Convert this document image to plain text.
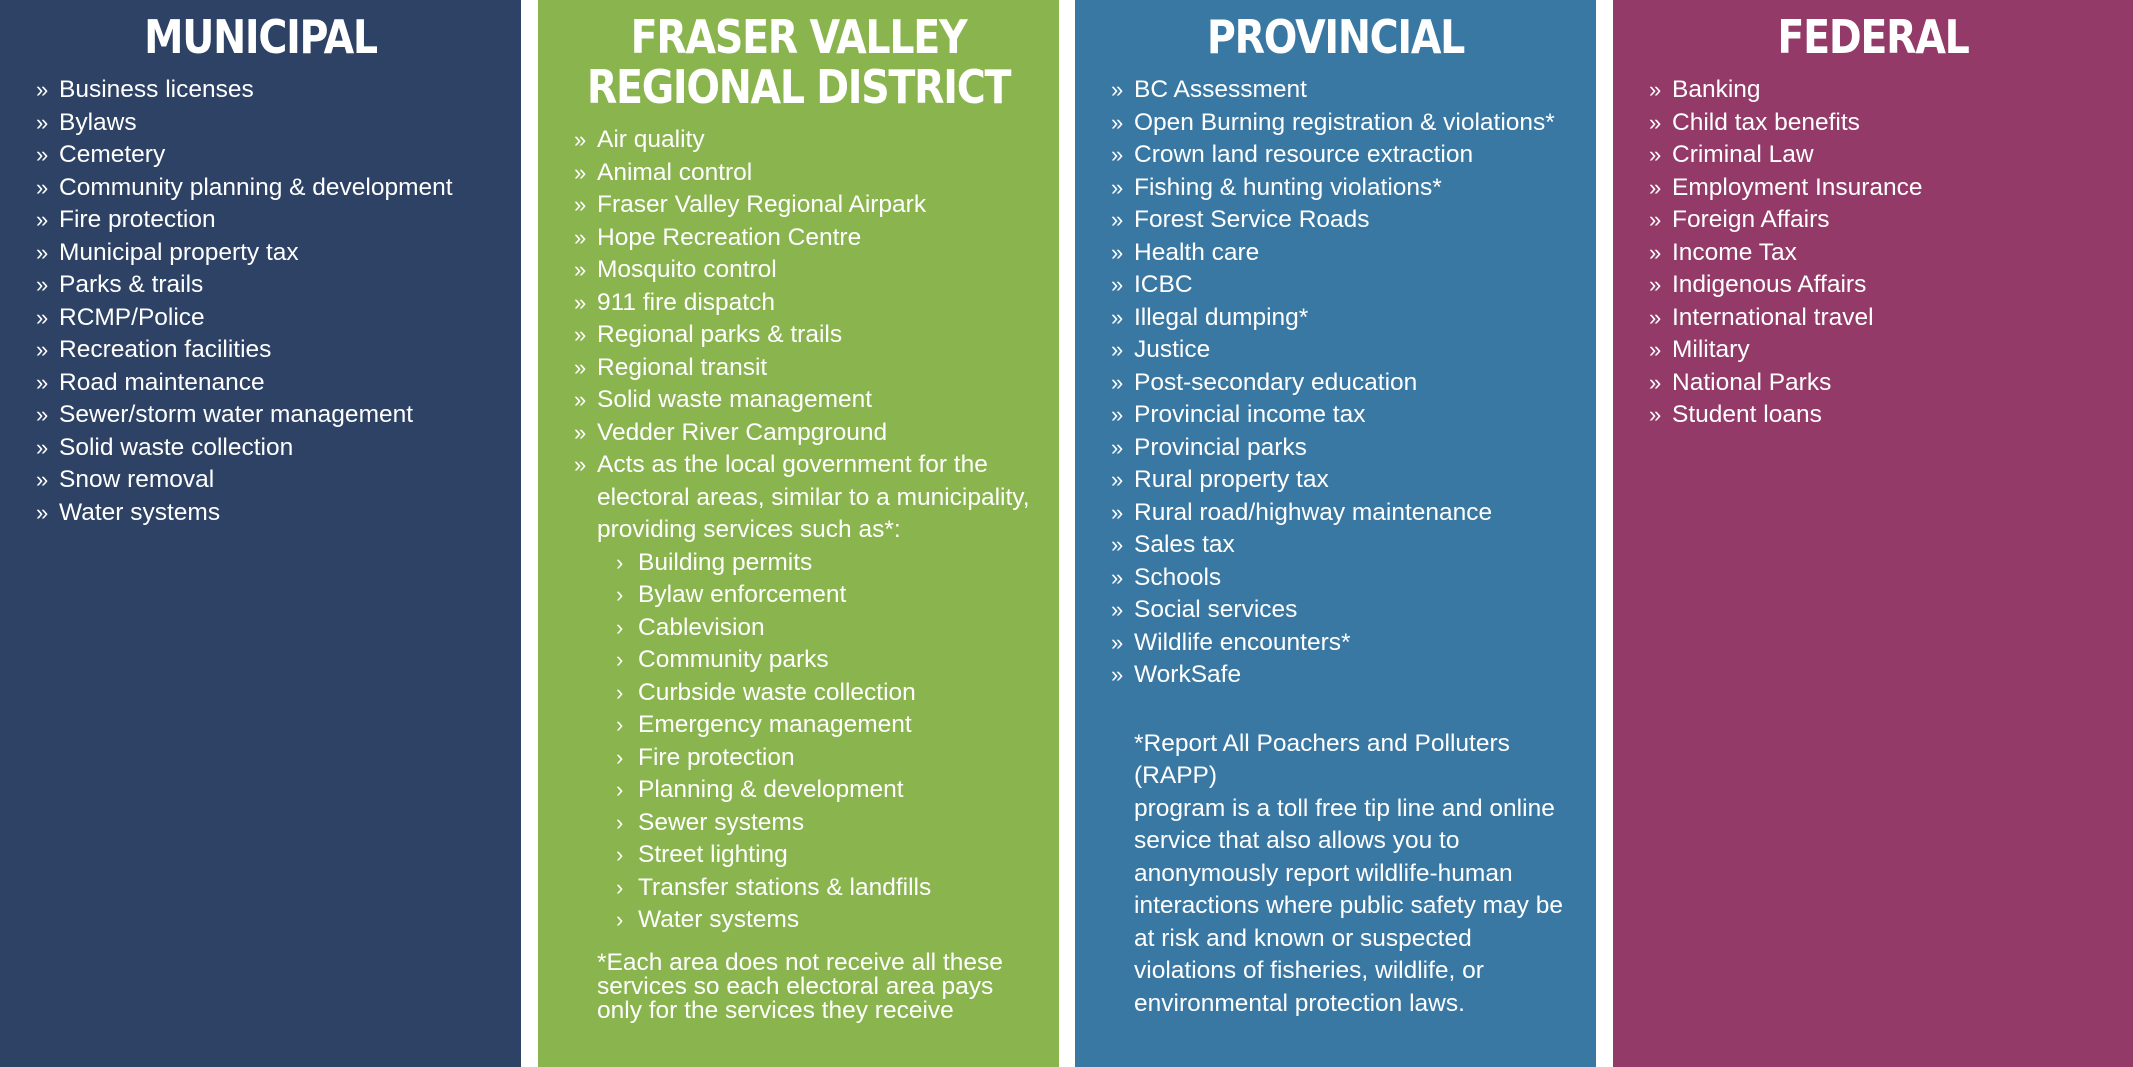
MUNICIPAL
» Business licenses
» Bylaws
» Cemetery
» Community planning & development
» Fire protection
» Municipal property tax
» Parks & trails
» RCMP/Police
» Recreation facilities
» Road maintenance
» Sewer/storm water management
» Solid waste collection
» Snow removal
» Water systems
FRASER VALLEY
REGIONAL DISTRICT
» Air quality
» Animal control
» Fraser Valley Regional Airpark
» Hope Recreation Centre
» Mosquito control
» 911 fire dispatch
» Regional parks & trails
» Regional transit
» Solid waste management
» Vedder River Campground
» Acts as the local government for the electoral areas, similar to a municipality, providing services such as*:
› Building permits
› Bylaw enforcement
› Cablevision
› Community parks
› Curbside waste collection
› Emergency management
› Fire protection
› Planning & development
› Sewer systems
› Street lighting
› Transfer stations & landfills
› Water systems
*Each area does not receive all these services so each electoral area pays only for the services they receive
PROVINCIAL
» BC Assessment
» Open Burning registration & violations*
» Crown land resource extraction
» Fishing & hunting violations*
» Forest Service Roads
» Health care
» ICBC
» Illegal dumping*
» Justice
» Post-secondary education
» Provincial income tax
» Provincial parks
» Rural property tax
» Rural road/highway maintenance
» Sales tax
» Schools
» Social services
» Wildlife encounters*
» WorkSafe
*Report All Poachers and Polluters (RAPP)
program is a toll free tip line and online service that also allows you to anonymously report wildlife-human interactions where public safety may be at risk and known or suspected violations of fisheries, wildlife, or environmental protection laws.
FEDERAL
» Banking
» Child tax benefits
» Criminal Law
» Employment Insurance
» Foreign Affairs
» Income Tax
» Indigenous Affairs
» International travel
» Military
» National Parks
» Student loans
